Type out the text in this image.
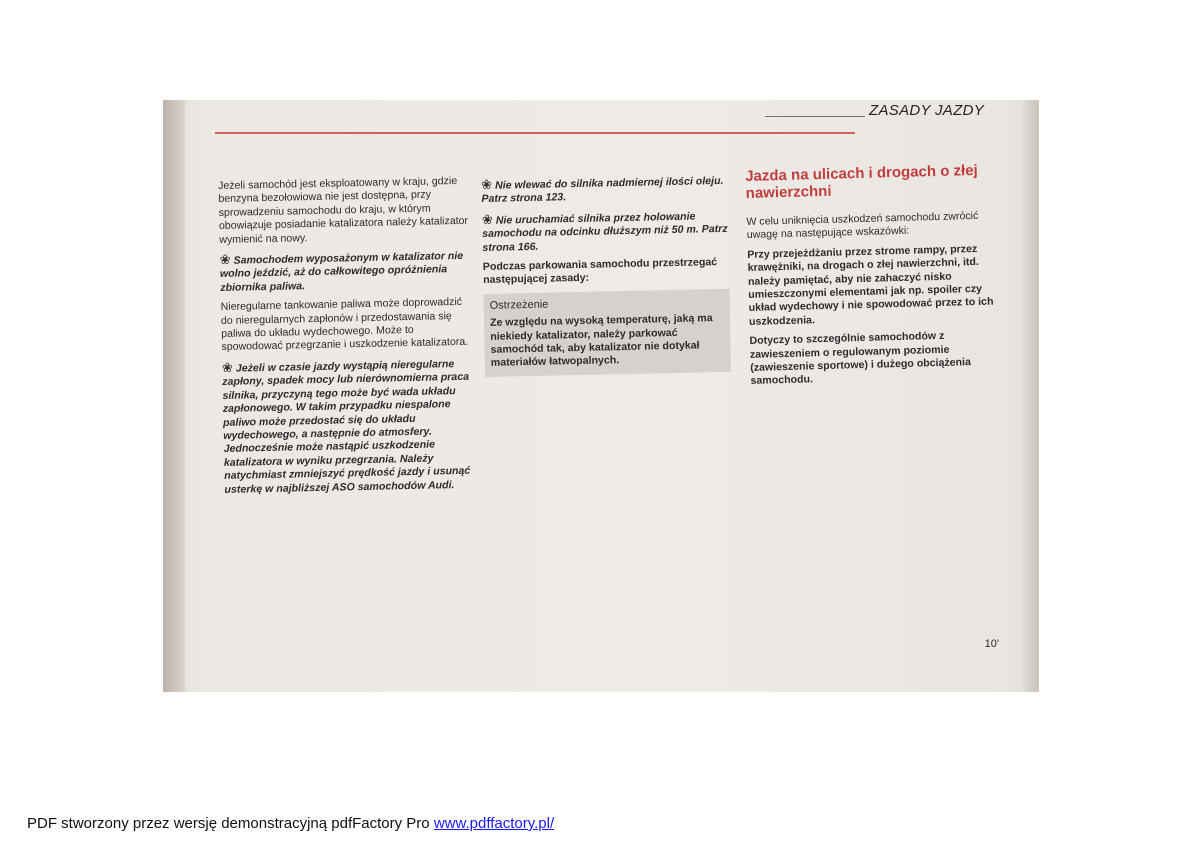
ZASADY JAZDY

Jeżeli samochód jest eksploatowany w kraju, gdzie benzyna bezołowiowa nie jest dostępna, przy sprowadzeniu samochodu do kraju, w którym obowiązuje posiadanie katalizatora należy katalizator wymienić na nowy.

❀ Samochodem wyposażonym w katalizator nie wolno jeździć, aż do całkowitego opróżnienia zbiornika paliwa.

Nieregularne tankowanie paliwa może doprowadzić do nieregularnych zapłonów i przedostawania się paliwa do układu wydechowego. Może to spowodować przegrzanie i uszkodzenie katalizatora.

❀ Jeżeli w czasie jazdy wystąpią nieregularne zapłony, spadek mocy lub nierównomierna praca silnika, przyczyną tego może być wada układu zapłonowego. W takim przypadku niespalone paliwo może przedostać się do układu wydechowego, a następnie do atmosfery. Jednocześnie może nastąpić uszkodzenie katalizatora w wyniku przegrzania. Należy natychmiast zmniejszyć prędkość jazdy i usunąć usterkę w najbliższej ASO samochodów Audi.

❀ Nie wlewać do silnika nadmiernej ilości oleju. Patrz strona 123.

❀ Nie uruchamiać silnika przez holowanie samochodu na odcinku dłuższym niż 50 m. Patrz strona 166.

Podczas parkowania samochodu przestrzegać następującej zasady:

Ostrzeżenie
Ze względu na wysoką temperaturę, jaką ma niekiedy katalizator, należy parkować samochód tak, aby katalizator nie dotykał materiałów łatwopalnych.
Jazda na ulicach i drogach o złej nawierzchni

W celu uniknięcia uszkodzeń samochodu zwrócić uwagę na następujące wskazówki:

Przy przejeżdżaniu przez strome rampy, przez krawężniki, na drogach o złej nawierzchni, itd. należy pamiętać, aby nie zahaczyć nisko umieszczonymi elementami jak np. spoiler czy układ wydechowy i nie spowodować przez to ich uszkodzenia.

Dotyczy to szczególnie samochodów z zawieszeniem o regulowanym poziomie (zawieszenie sportowe) i dużego obciążenia samochodu.

10'
PDF stworzony przez wersję demonstracyjną pdfFactory Pro www.pdffactory.pl/
